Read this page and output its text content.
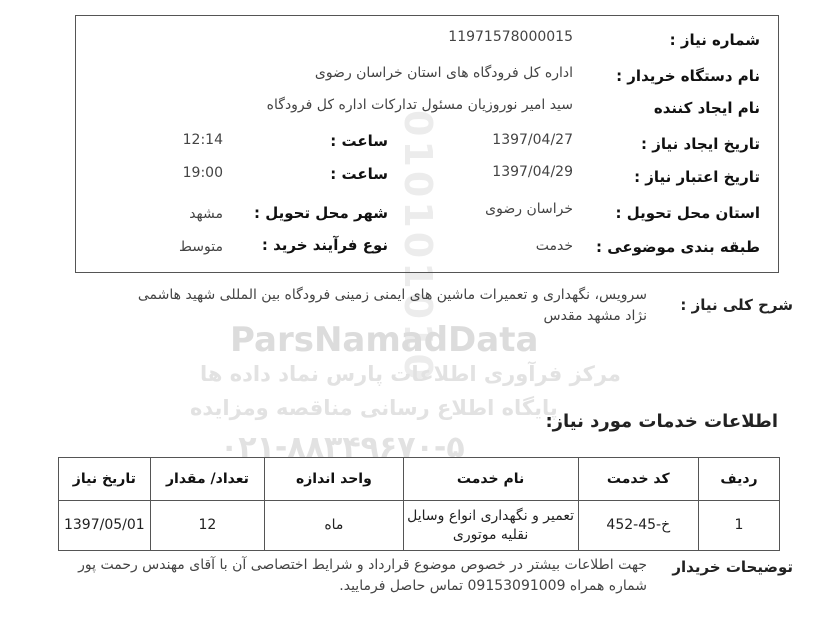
010101010
ParsNamadData
مرکز فرآوری اطلاعات پارس نماد داده ها
پایگاه اطلاع رسانی مناقصه ومزایده
۰۲۱-۸۸۳۴۹۶۷۰-۵
شماره نیاز :
11971578000015
نام دستگاه خریدار :
اداره کل فرودگاه های استان خراسان رضوی
نام ایجاد کننده
سید امیر نوروزیان مسئول تدارکات اداره کل فرودگاه
تاریخ ایجاد نیاز :
1397/04/27
ساعت :
12:14
تاریخ اعتبار نیاز :
1397/04/29
ساعت :
19:00
استان محل تحویل :
خراسان رضوی
شهر محل تحویل :
مشهد
طبقه بندی موضوعی :
خدمت
نوع فرآیند خرید :
متوسط
شرح کلی نیاز :
سرویس، نگهداری و تعمیرات ماشین های ایمنی زمینی فرودگاه بین المللی شهید هاشمی نژاد مشهد مقدس
اطلاعات خدمات مورد نیاز:
ردیف	کد خدمت	نام خدمت	واحد اندازه	تعداد/ مقدار	تاریخ نیاز
1	خ-45-452	تعمیر و نگهداری انواع وسایل نقلیه موتوری	ماه	12	1397/05/01
توضیحات خریدار
جهت اطلاعات بیشتر در خصوص موضوع قرارداد و شرایط اختصاصی آن با آقای مهندس رحمت پور شماره همراه 09153091009 تماس حاصل فرمایید.
